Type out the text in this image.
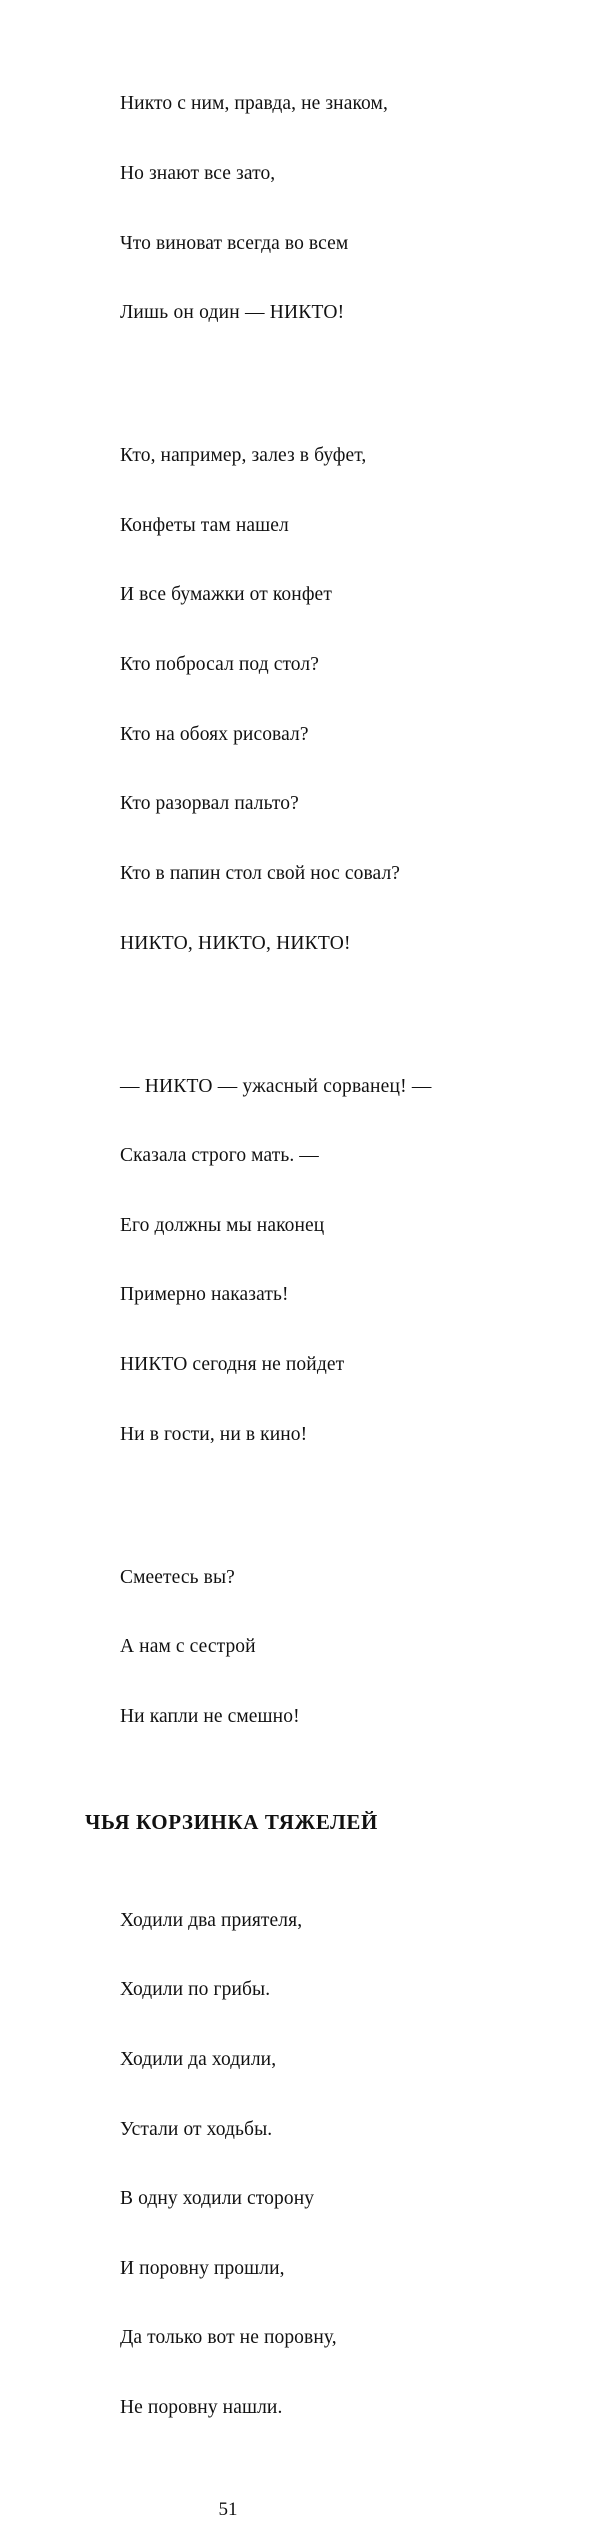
Никто с ним, правда, не знаком,

Но знают все зато,

Что виноват всегда во всем

Лишь он один — НИКТО!

Кто, например, залез в буфет,

Конфеты там нашел

И все бумажки от конфет

Кто побросал под стол?

Кто на обоях рисовал?

Кто разорвал пальто?

Кто в папин стол свой нос совал?

НИКТО, НИКТО, НИКТО!

— НИКТО — ужасный сорванец! —

Сказала строго мать. —

Его должны мы наконец

Примерно наказать!

НИКТО сегодня не пойдет

Ни в гости, ни в кино!

Смеетесь вы?

А нам с сестрой

Ни капли не смешно!

ЧЬЯ КОРЗИНКА ТЯЖЕЛЕЙ

Ходили два приятеля,

Ходили по грибы.

Ходили да ходили,

Устали от ходьбы.

В одну ходили сторону

И поровну прошли,

Да только вот не поровну,

Не поровну нашли.

51
